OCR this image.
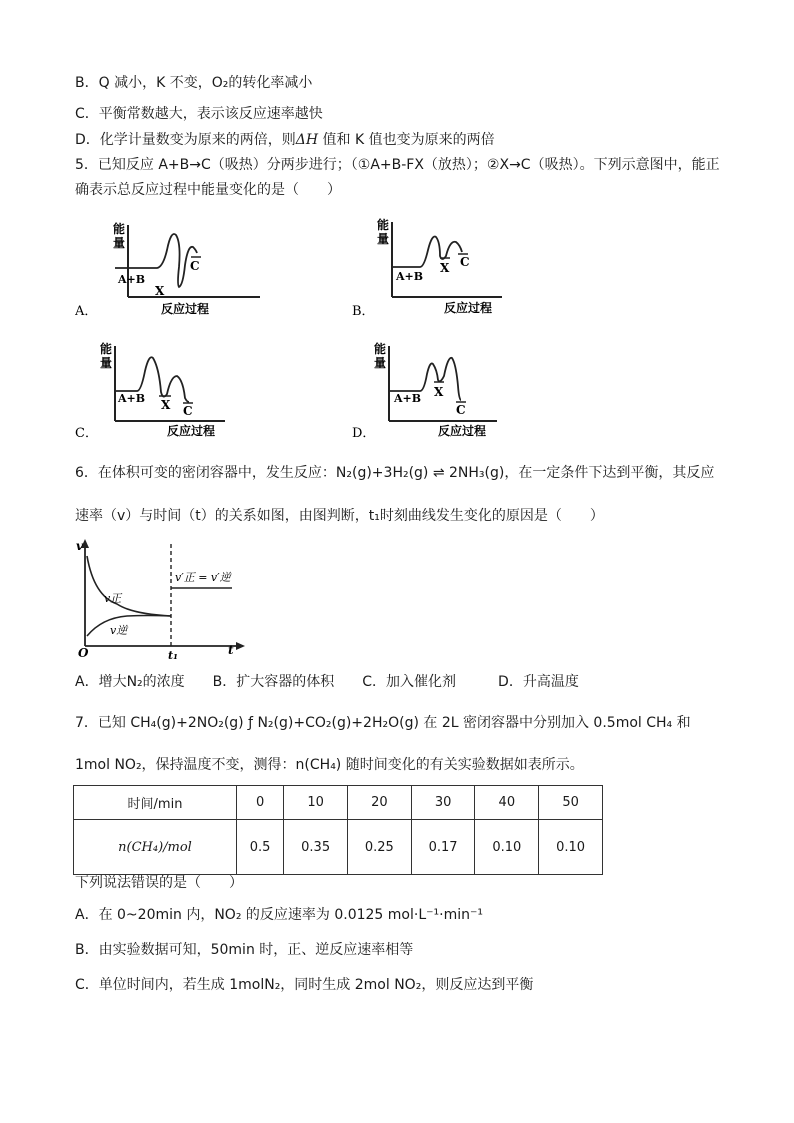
B．Q 减小，K 不变，O₂的转化率减小
C．平衡常数越大，表示该反应速率越快
D．化学计量数变为原来的两倍，则ΔH 值和 K 值也变为原来的两倍
5．已知反应 A+B→C（吸热）分两步进行；（①A+B-FX（放热）；②X→C（吸热）。下列示意图中，能正
确表示总反应过程中能量变化的是（　　）
A．
能
量
A+B
X
C
反应过程	B．
能
量
A+B
X C
反应过程
C．
能
量
A+B X C
反应过程	D．
能
量
A+B X
C
反应过程
6．在体积可变的密闭容器中，发生反应：N₂(g)+3H₂(g) ⇌ 2NH₃(g)，在一定条件下达到平衡，其反应
速率（v）与时间（t）的关系如图，由图判断，t₁时刻曲线发生变化的原因是（　　）
v
t
O	t₁
v正
v逆
v′正 = v′逆
A．增大N₂的浓度　　B．扩大容器的体积　　C．加入催化剂　　　D．升高温度
7．已知 CH₄(g)+2NO₂(g) ƒ N₂(g)+CO₂(g)+2H₂O(g) 在 2L 密闭容器中分别加入 0.5mol CH₄ 和
1mol NO₂，保持温度不变，测得：n(CH₄) 随时间变化的有关实验数据如表所示。
时间/min	0	10	20	30	40	50
n(CH₄)/mol	0.5	0.35	0.25	0.17	0.10	0.10
下列说法错误的是（　　）
A．在 0~20min 内，NO₂ 的反应速率为 0.0125 mol·L⁻¹·min⁻¹
B．由实验数据可知，50min 时，正、逆反应速率相等
C．单位时间内，若生成 1molN₂，同时生成 2mol NO₂，则反应达到平衡
